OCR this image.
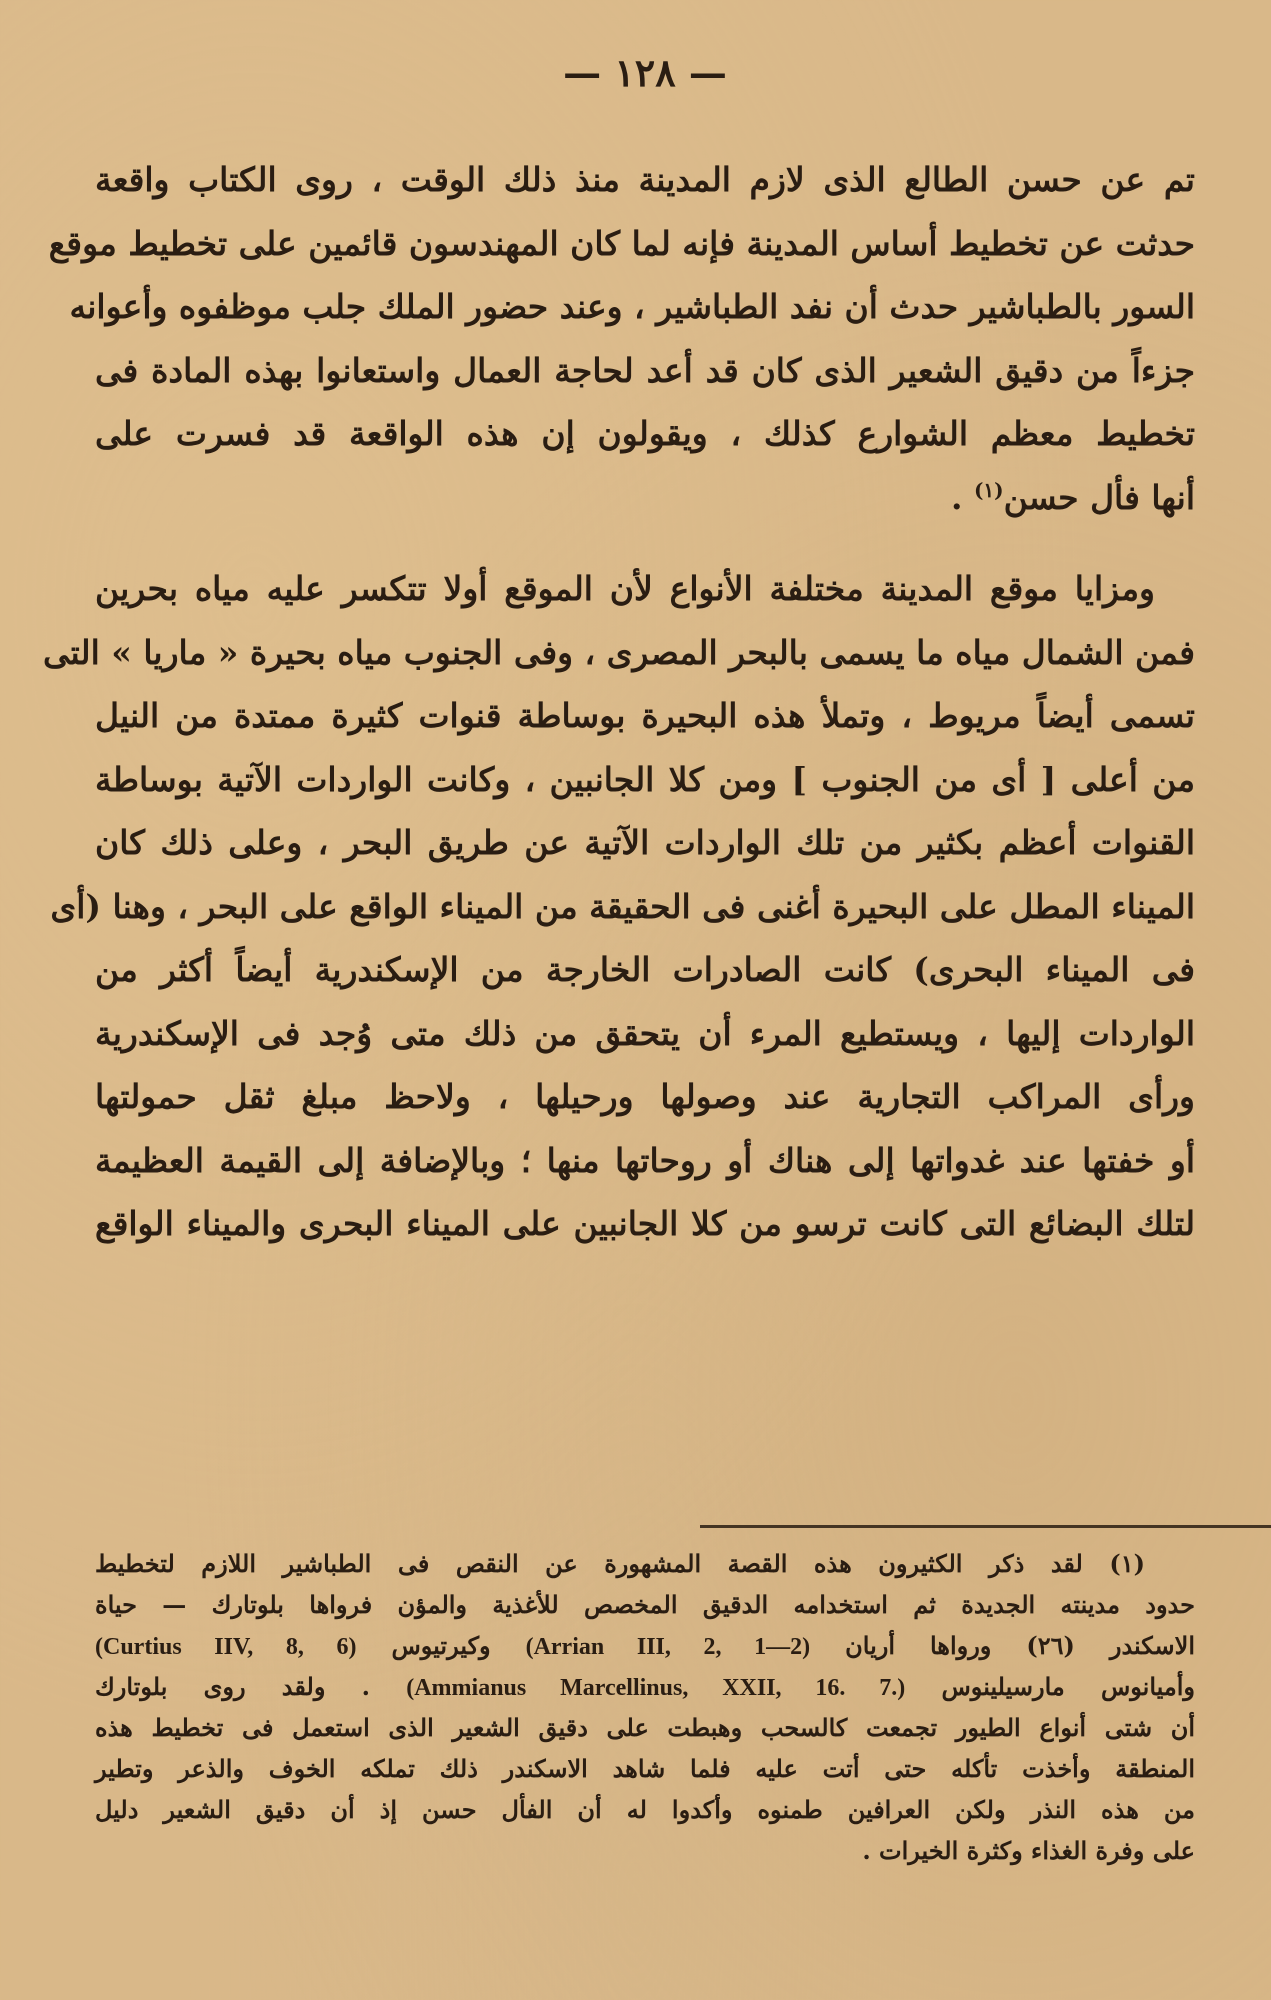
— ١٢٨ —
تم عن حسن الطالع الذى لازم المدينة منذ ذلك الوقت ، روى الكتاب واقعة
حدثت عن تخطيط أساس المدينة فإنه لما كان المهندسون قائمين على تخطيط موقع
السور بالطباشير حدث أن نفد الطباشير ، وعند حضور الملك جلب موظفوه وأعوانه
جزءاً من دقيق الشعير الذى كان قد أعد لحاجة العمال واستعانوا بهذه المادة فى
تخطيط معظم الشوارع كذلك ، ويقولون إن هذه الواقعة قد فسرت على
أنها فأل حسن$^{(١)}$ .
ومزايا موقع المدينة مختلفة الأنواع لأن الموقع أولا تتكسر عليه مياه بحرين
فمن الشمال مياه ما يسمى بالبحر المصرى ، وفى الجنوب مياه بحيرة « ماريا » التى
تسمى أيضاً مريوط ، وتملأ هذه البحيرة بوساطة قنوات كثيرة ممتدة من النيل
من أعلى [ أى من الجنوب ] ومن كلا الجانبين ، وكانت الواردات الآتية بوساطة
القنوات أعظم بكثير من تلك الواردات الآتية عن طريق البحر ، وعلى ذلك كان
الميناء المطل على البحيرة أغنى فى الحقيقة من الميناء الواقع على البحر ، وهنا (أى
فى الميناء البحرى) كانت الصادرات الخارجة من الإسكندرية أيضاً أكثر من
الواردات إليها ، ويستطيع المرء أن يتحقق من ذلك متى وُجد فى الإسكندرية
ورأى المراكب التجارية عند وصولها ورحيلها ، ولاحظ مبلغ ثقل حمولتها
أو خفتها عند غدواتها إلى هناك أو روحاتها منها ؛ وبالإضافة إلى القيمة العظيمة
لتلك البضائع التى كانت ترسو من كلا الجانبين على الميناء البحرى والميناء الواقع
(١) لقد ذكر الكثيرون هذه القصة المشهورة عن النقص فى الطباشير اللازم لتخطيط
حدود مدينته الجديدة ثم استخدامه الدقيق المخصص للأغذية والمؤن فرواها بلوتارك — حياة
الاسكندر (٢٦) ورواها أريان (Arrian III, 2, 1—2) وكيرتيوس (Curtius IIV, 8, 6)
وأميانوس مارسيلينوس (Ammianus Marcellinus, XXII, 16. 7.) . ولقد روى بلوتارك
أن شتى أنواع الطيور تجمعت كالسحب وهبطت على دقيق الشعير الذى استعمل فى تخطيط هذه
المنطقة وأخذت تأكله حتى أتت عليه فلما شاهد الاسكندر ذلك تملكه الخوف والذعر وتطير
من هذه النذر ولكن العرافين طمنوه وأكدوا له أن الفأل حسن إذ أن دقيق الشعير دليل
على وفرة الغذاء وكثرة الخيرات .
